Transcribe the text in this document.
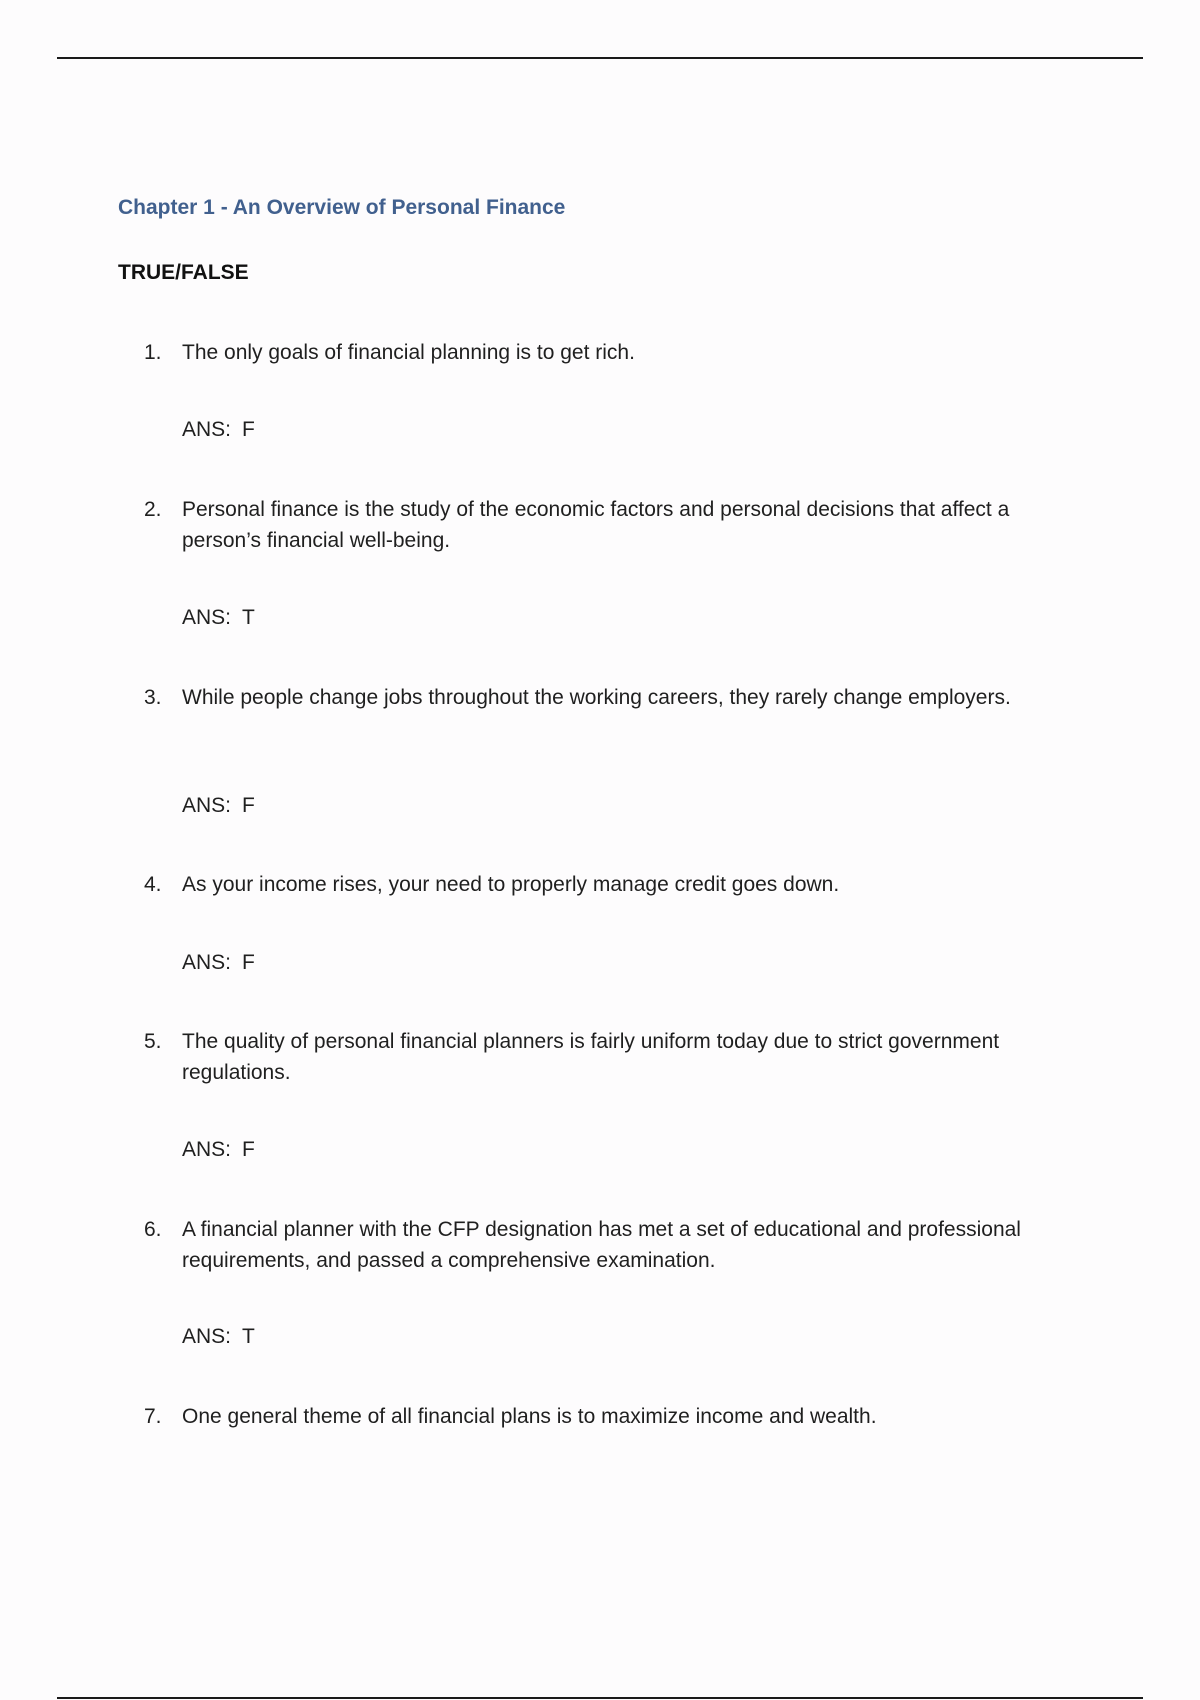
Chapter 1 - An Overview of Personal Finance
TRUE/FALSE
1. The only goals of financial planning is to get rich.
ANS: F
2. Personal finance is the study of the economic factors and personal decisions that affect a person’s financial well-being.
ANS: T
3. While people change jobs throughout the working careers, they rarely change employers.
ANS: F
4. As your income rises, your need to properly manage credit goes down.
ANS: F
5. The quality of personal financial planners is fairly uniform today due to strict government regulations.
ANS: F
6. A financial planner with the CFP designation has met a set of educational and professional requirements, and passed a comprehensive examination.
ANS: T
7. One general theme of all financial plans is to maximize income and wealth.
